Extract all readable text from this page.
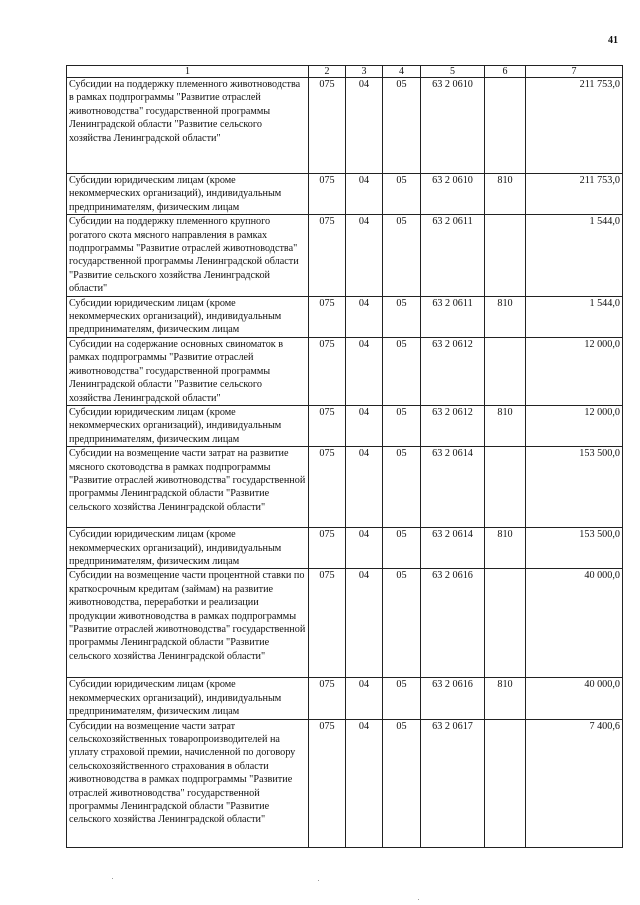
41
1	2	3	4	5	6	7
Субсидии на поддержку племенного животноводства в рамках подпрограммы "Развитие отраслей животноводства" государственной программы Ленинградской области "Развитие сельского хозяйства Ленинградской области"	075	04	05	63 2 0610		211 753,0
Субсидии юридическим лицам (кроме некоммерческих организаций), индивидуальным предпринимателям, физическим лицам	075	04	05	63 2 0610	810	211 753,0
Субсидии на поддержку племенного крупного рогатого скота мясного направления в рамках подпрограммы "Развитие отраслей животноводства" государственной программы Ленинградской области "Развитие сельского хозяйства Ленинградской области"	075	04	05	63 2 0611		1 544,0
Субсидии юридическим лицам (кроме некоммерческих организаций), индивидуальным предпринимателям, физическим лицам	075	04	05	63 2 0611	810	1 544,0
Субсидии на содержание основных свиноматок в рамках подпрограммы "Развитие отраслей животноводства" государственной программы Ленинградской области "Развитие сельского хозяйства Ленинградской области"	075	04	05	63 2 0612		12 000,0
Субсидии юридическим лицам (кроме некоммерческих организаций), индивидуальным предпринимателям, физическим лицам	075	04	05	63 2 0612	810	12 000,0
Субсидии на возмещение части затрат на развитие мясного скотоводства в рамках подпрограммы "Развитие отраслей животноводства" государственной программы Ленинградской области "Развитие сельского хозяйства Ленинградской области"	075	04	05	63 2 0614		153 500,0
Субсидии юридическим лицам (кроме некоммерческих организаций), индивидуальным предпринимателям, физическим лицам	075	04	05	63 2 0614	810	153 500,0
Субсидии на возмещение части процентной ставки по краткосрочным кредитам (займам) на развитие животноводства, переработки и реализации продукции животноводства в рамках подпрограммы "Развитие отраслей животноводства" государственной программы Ленинградской области "Развитие сельского хозяйства Ленинградской области"	075	04	05	63 2 0616		40 000,0
Субсидии юридическим лицам (кроме некоммерческих организаций), индивидуальным предпринимателям, физическим лицам	075	04	05	63 2 0616	810	40 000,0
Субсидии на возмещение части затрат сельскохозяйственных товаропроизводителей на уплату страховой премии, начисленной по договору сельскохозяйственного страхования в области животноводства в рамках подпрограммы "Развитие отраслей животноводства" государственной программы Ленинградской области "Развитие сельского хозяйства Ленинградской области"	075	04	05	63 2 0617		7 400,6
